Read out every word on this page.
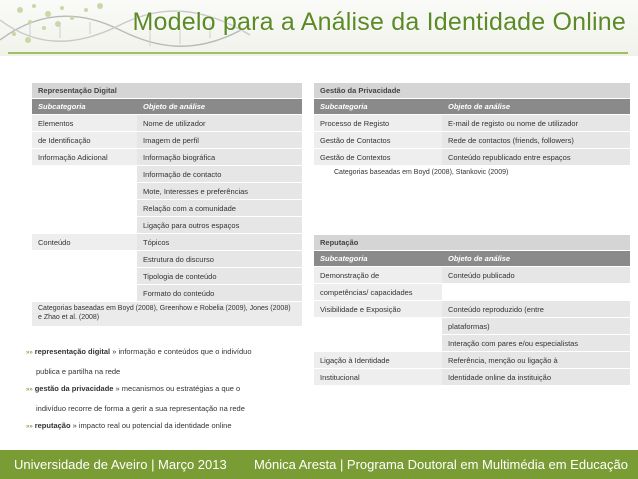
Modelo para a Análise da Identidade Online
Representação Digital	
Subcategoria	Objeto de análise
Elementos	Nome de utilizador
de Identificação	Imagem de perfil
Informação Adicional	Informação biográfica
	Informação de contacto
	Mote, Interesses e preferências
	Relação com a comunidade
	Ligação para outros espaços
Conteúdo	Tópicos
	Estrutura do discurso
	Tipologia de conteúdo
	Formato do conteúdo
Categorias baseadas em Boyd (2008), Greenhow e Robelia (2009), Jones (2008) e Zhao et al. (2008)	
Gestão da Privacidade	
Subcategoria	Objeto de análise
Processo de Registo	E-mail de registo ou nome de utilizador
Gestão de Contactos	Rede de contactos (friends, followers)
Gestão de Contextos	Conteúdo republicado entre espaços
Categorias baseadas em Boyd (2008), Stankovic (2009)	
Reputação	
Subcategoria	Objeto de análise
Demonstração de	Conteúdo publicado
competências/ capacidades	
Visibilidade e Exposição	Conteúdo reproduzido (entre
	plataformas)
	Interação com pares e/ou especialistas
Ligação à Identidade	Referência, menção ou ligação à
Institucional	Identidade online da instituição
»» representação digital » informação e conteúdos que o indivíduo
publica e partilha na rede
»» gestão da privacidade » mecanismos ou estratégias a que o
indivíduo recorre de forma a gerir a sua representação na rede
»» reputação » impacto real ou potencial da identidade online
Universidade de Aveiro | Março 2013 Mónica Aresta | Programa Doutoral em Multimédia em Educação
